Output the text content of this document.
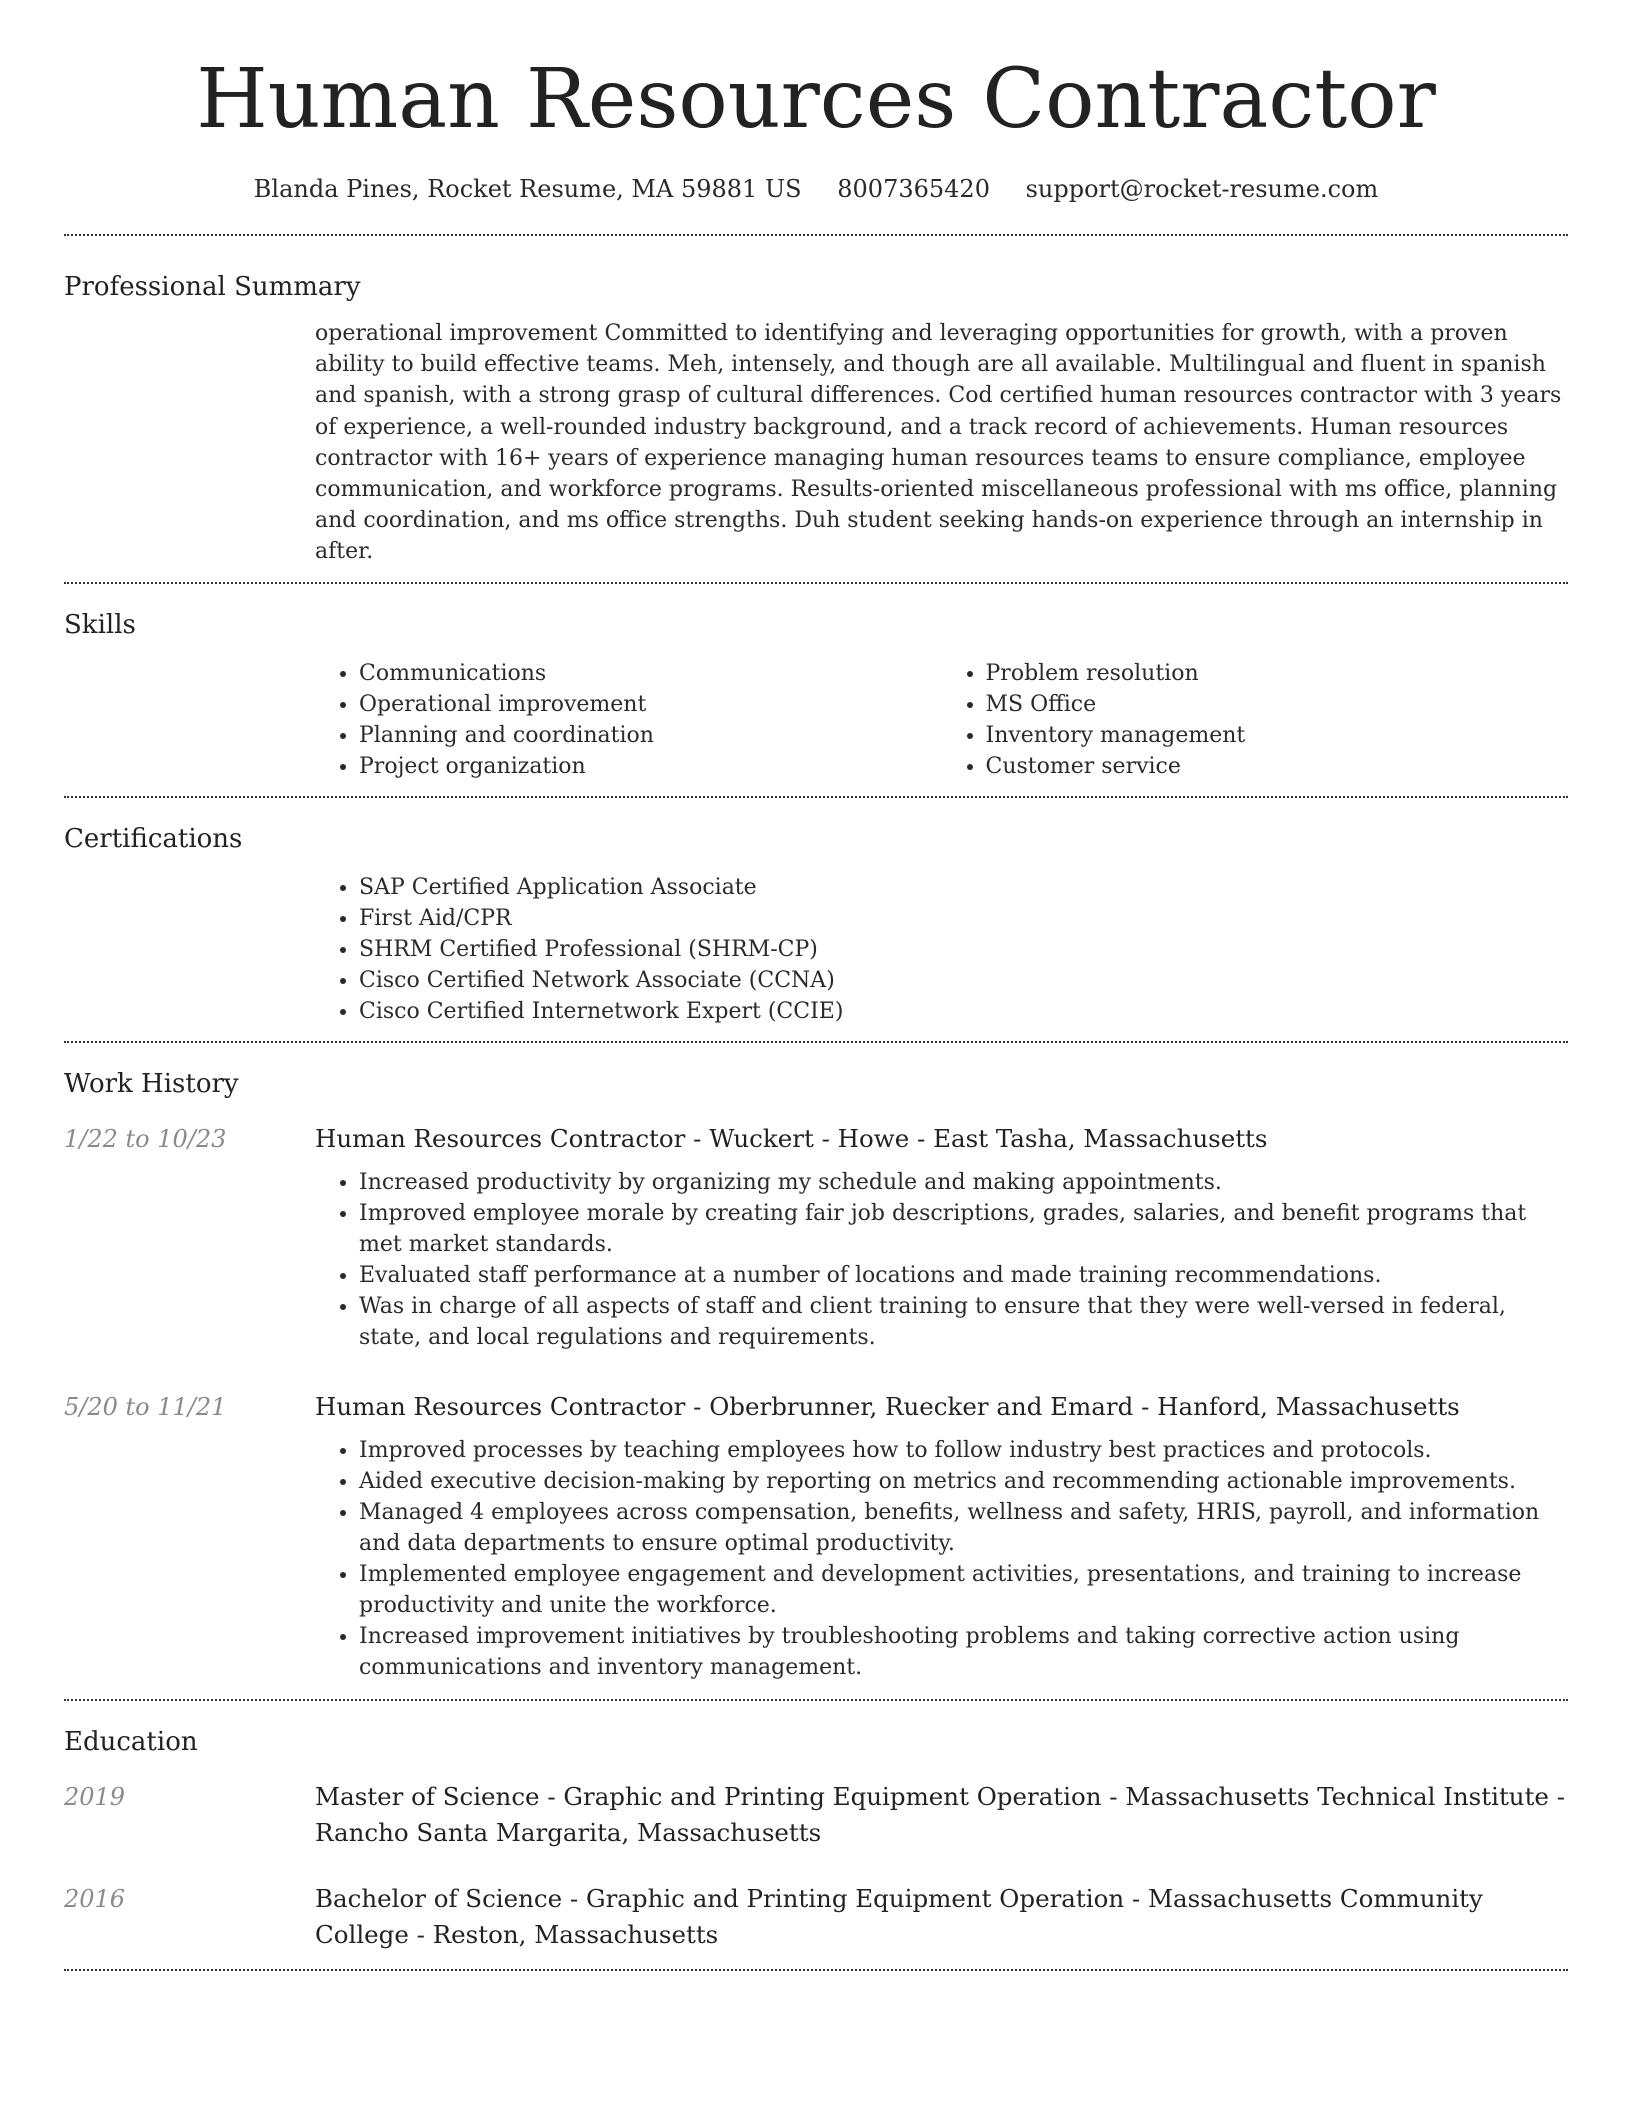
Human Resources Contractor
Blanda Pines, Rocket Resume, MA 59881 US 8007365420 support@rocket-resume.com
Professional Summary

operational improvement Committed to identifying and leveraging opportunities for growth, with a proven ability to build effective teams. Meh, intensely, and though are all available. Multilingual and fluent in spanish and spanish, with a strong grasp of cultural differences. Cod certified human resources contractor with 3 years of experience, a well-rounded industry background, and a track record of achievements. Human resources contractor with 16+ years of experience managing human resources teams to ensure compliance, employee communication, and workforce programs. Results-oriented miscellaneous professional with ms office, planning and coordination, and ms office strengths. Duh student seeking hands-on experience through an internship in after.

Skills
• Communications
• Operational improvement
• Planning and coordination
• Project organization
• Problem resolution
• MS Office
• Inventory management
• Customer service
Certifications
• SAP Certified Application Associate
• First Aid/CPR
• SHRM Certified Professional (SHRM-CP)
• Cisco Certified Network Associate (CCNA)
• Cisco Certified Internetwork Expert (CCIE)
Work History
1/22 to 10/23	Human Resources Contractor - Wuckert - Howe - East Tasha, Massachusetts

• Increased productivity by organizing my schedule and making appointments.
• Improved employee morale by creating fair job descriptions, grades, salaries, and benefit programs that met market standards.
• Evaluated staff performance at a number of locations and made training recommendations.
• Was in charge of all aspects of staff and client training to ensure that they were well-versed in federal, state, and local regulations and requirements.
5/20 to 11/21	Human Resources Contractor - Oberbrunner, Ruecker and Emard - Hanford, Massachusetts

• Improved processes by teaching employees how to follow industry best practices and protocols.
• Aided executive decision-making by reporting on metrics and recommending actionable improvements.
• Managed 4 employees across compensation, benefits, wellness and safety, HRIS, payroll, and information and data departments to ensure optimal productivity.
• Implemented employee engagement and development activities, presentations, and training to increase productivity and unite the workforce.
• Increased improvement initiatives by troubleshooting problems and taking corrective action using communications and inventory management.
Education
2019	Master of Science - Graphic and Printing Equipment Operation - Massachusetts Technical Institute - Rancho Santa Margarita, Massachusetts

2016	Bachelor of Science - Graphic and Printing Equipment Operation - Massachusetts Community College - Reston, Massachusetts
